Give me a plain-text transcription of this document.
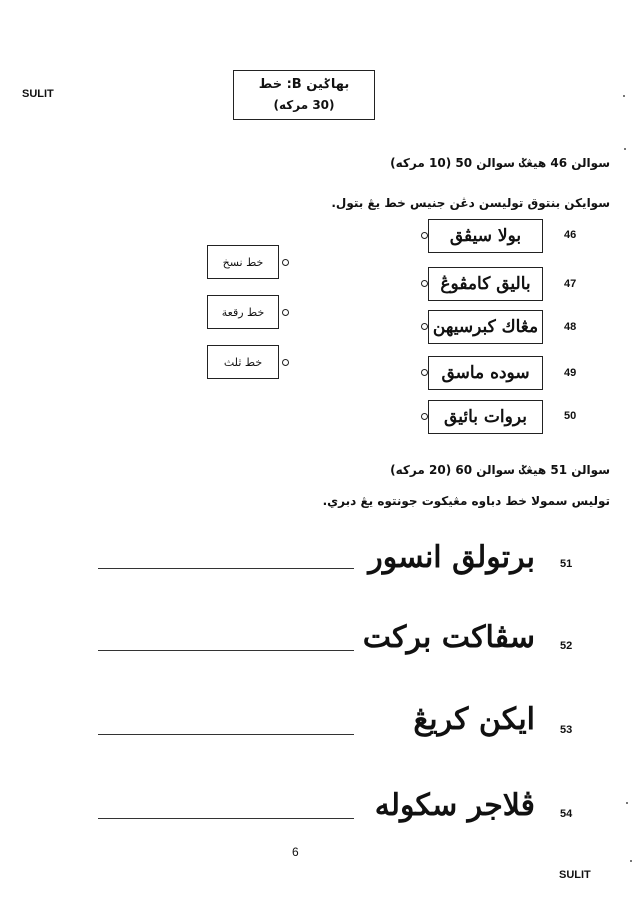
SULIT
بهاݢين B: خط
(30 مركه)
سوالن 46 هيڠݢ سوالن 50 (10 مركه)
سوايكن بنتوق توليسن دڠن جنيس خط يڠ بتول.
خط نسخ
خط رقعة
خط ثلث
بولا سيڤق	46
باليق كامڤوڠ	47
مڠاك كبرسيهن 48
سوده ماسق	49
بروات بائيق	50
سوالن 51 هيڠݢ سوالن 60 (20 مركه)
توليس سمولا خط دباوه مڠيكوت جونتوه يڠ دبري.
برتولق انسور 51
سڤاكت بركت 52
ايكن كريڠ 53
ڤلاجر سكوله 54
6
SULIT
